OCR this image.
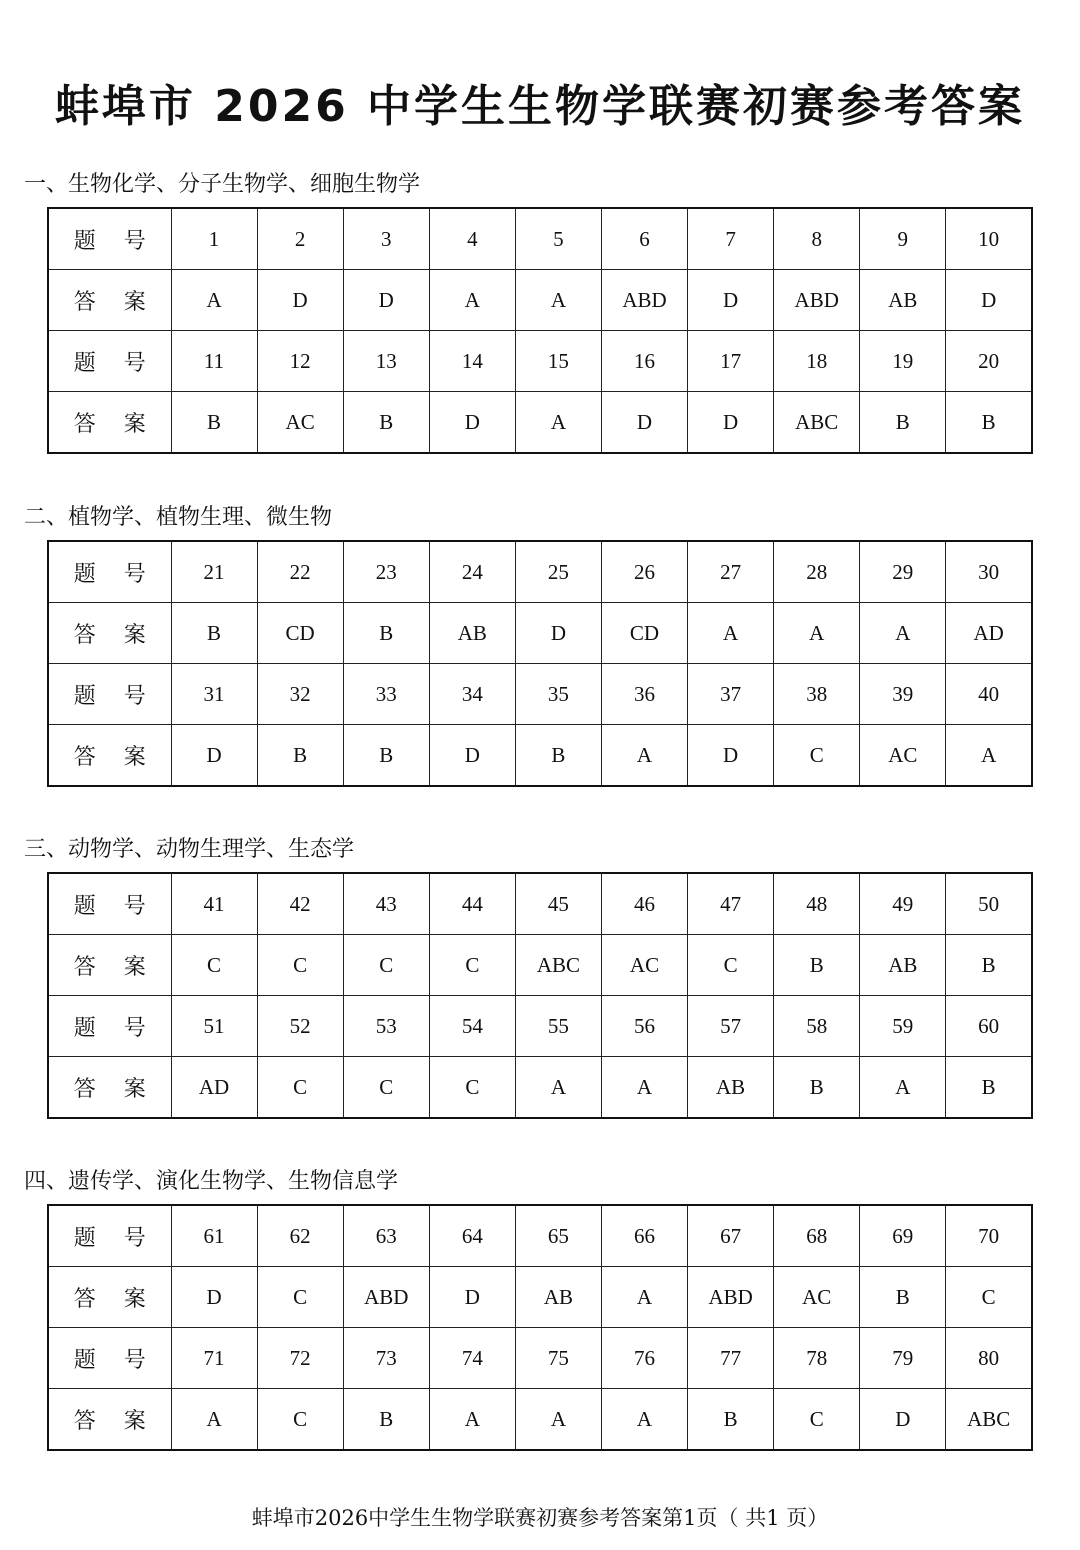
蚌埠市 2026 中学生生物学联赛初赛参考答案
一、生物化学、分子生物学、细胞生物学
题 号	1	2	3	4	5	6	7	8	9	10
答 案	A	D	D	A	A	ABD	D	ABD	AB	D
题 号	11	12	13	14	15	16	17	18	19	20
答 案	B	AC	B	D	A	D	D	ABC	B	B
二、植物学、植物生理、微生物
题 号	21	22	23	24	25	26	27	28	29	30
答 案	B	CD	B	AB	D	CD	A	A	A	AD
题 号	31	32	33	34	35	36	37	38	39	40
答 案	D	B	B	D	B	A	D	C	AC	A
三、动物学、动物生理学、生态学
题 号	41	42	43	44	45	46	47	48	49	50
答 案	C	C	C	C	ABC	AC	C	B	AB	B
题 号	51	52	53	54	55	56	57	58	59	60
答 案	AD	C	C	C	A	A	AB	B	A	B
四、遗传学、演化生物学、生物信息学
题 号	61	62	63	64	65	66	67	68	69	70
答 案	D	C	ABD	D	AB	A	ABD	AC	B	C
题 号	71	72	73	74	75	76	77	78	79	80
答 案	A	C	B	A	A	A	B	C	D	ABC
蚌埠市2026中学生生物学联赛初赛参考答案第1页（ 共1 页）
